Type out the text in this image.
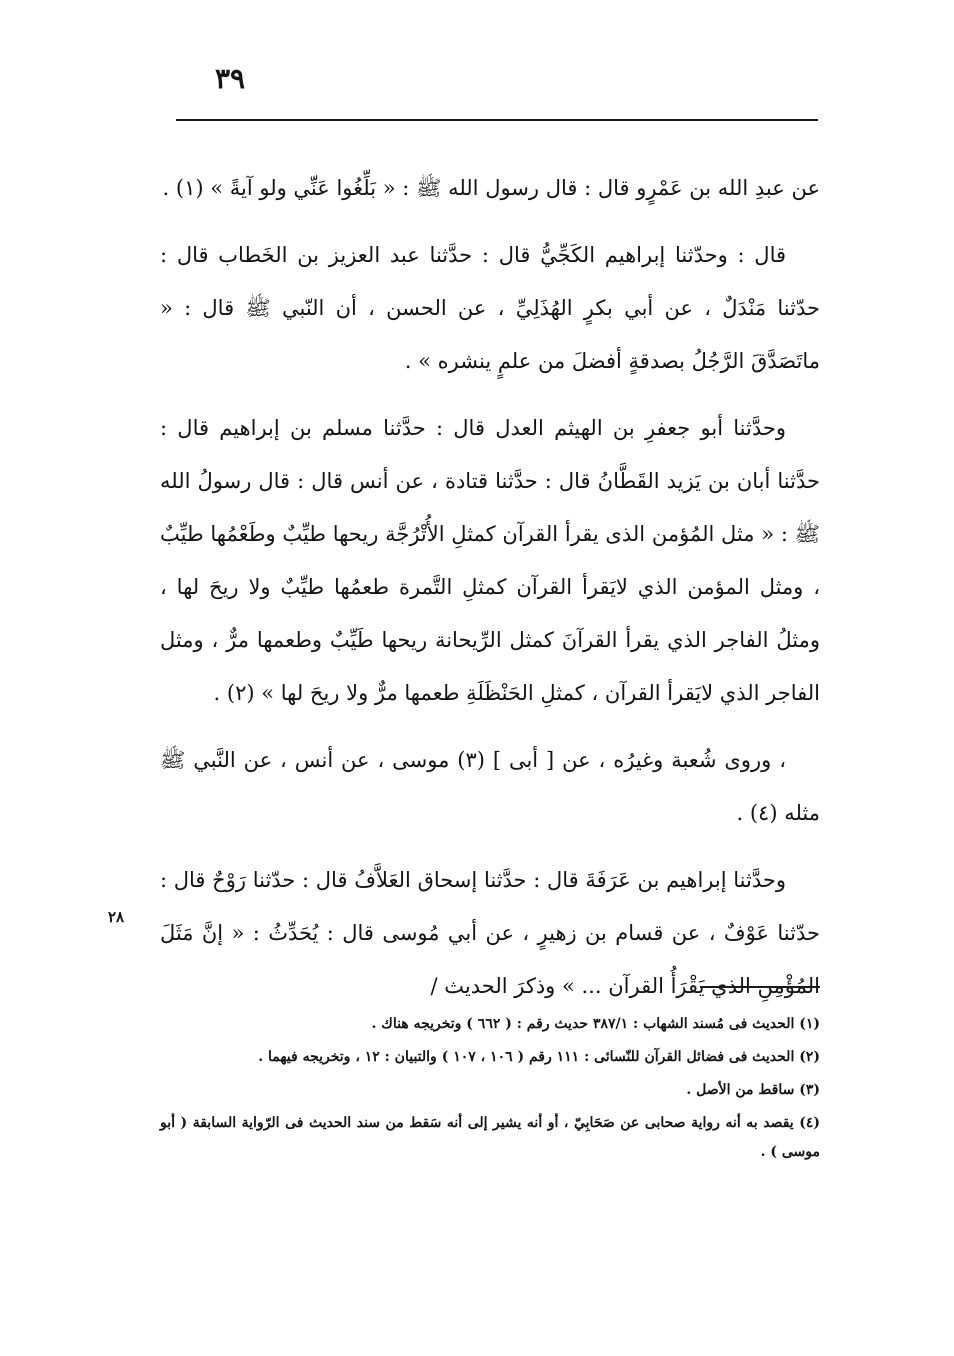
٣٩

عن عبدِ الله بن عَمْرٍو قال : قال رسول الله ﷺ : « بَلِّغُوا عَنِّي ولو آيةً » (١) .

قال : وحدّثنا إبراهيم الكَجِّيُّ قال : حدَّثنا عبد العزيز بن الخَطاب قال : حدّثنا مَنْدَلٌ ، عن أبي بكرٍ الهُذَلِيِّ ، عن الحسن ، أن النّبي ﷺ قال : « ماتَصَدَّقَ الرَّجُلُ بصدقةٍ أفضلَ من علمٍ ينشره » .

وحدَّثنا أبو جعفرِ بن الهيثم العدل قال : حدَّثنا مسلم بن إبراهيم قال : حدَّثنا أبان بن يَزيد القَطَّانُ قال : حدَّثنا قتادة ، عن أنس قال : قال رسولُ الله ﷺ : « مثل المُؤمن الذى يقرأ القرآن كمثلِ الأُتْرُجَّة ريحها طيِّبٌ وطَعْمُها طيِّبٌ ، ومثل المؤمن الذي لايَقرأ القرآن كمثلِ التَّمرة طعمُها طيِّبٌ ولا ريحَ لها ، ومثلُ الفاجر الذي يقرأ القرآنَ كمثل الرِّيحانة ريحها طَيِّبٌ وطعمها مرٌّ ، ومثل الفاجر الذي لايَقرأ القرآن ، كمثلِ الحَنْظَلَةِ طعمها مرٌّ ولا ريحَ لها » (٢) .

، وروى شُعبة وغيرُه ، عن [ أبى ] (٣) موسى ، عن أنس ، عن النَّبي ﷺ مثله (٤) .

وحدَّثنا إبراهيم بن عَرَفَةَ قال : حدَّثنا إسحاق العَلاَّفُ قال : حدّثنا رَوْحٌ قال : حدّثنا عَوْفٌ ، عن قسام بن زهيرٍ ، عن أبي مُوسى قال : يُحَدِّثُ : « إنَّ مَثَلَ المُؤْمِنِ الذي يَقْرَأُ القرآن ... » وذكرَ الحديث /

٢٨

(١) الحديث فى مُسند الشهاب : ٣٨٧/١ حديث رقم : ( ٦٦٢ ) وتخريجه هناك .

(٢) الحديث فى فضائل القرآن للنّسائى : ١١١ رقم ( ١٠٦ ، ١٠٧ ) والتبيان : ١٢ ، وتخريجه فيهما .

(٣) ساقط من الأصل .

(٤) يقصد به أنه رواية صحابى عن صَحَابِيّ ، أو أنه يشير إلى أنه سَقط من سند الحديث فى الرّواية السابقة ( أبو موسى ) .
